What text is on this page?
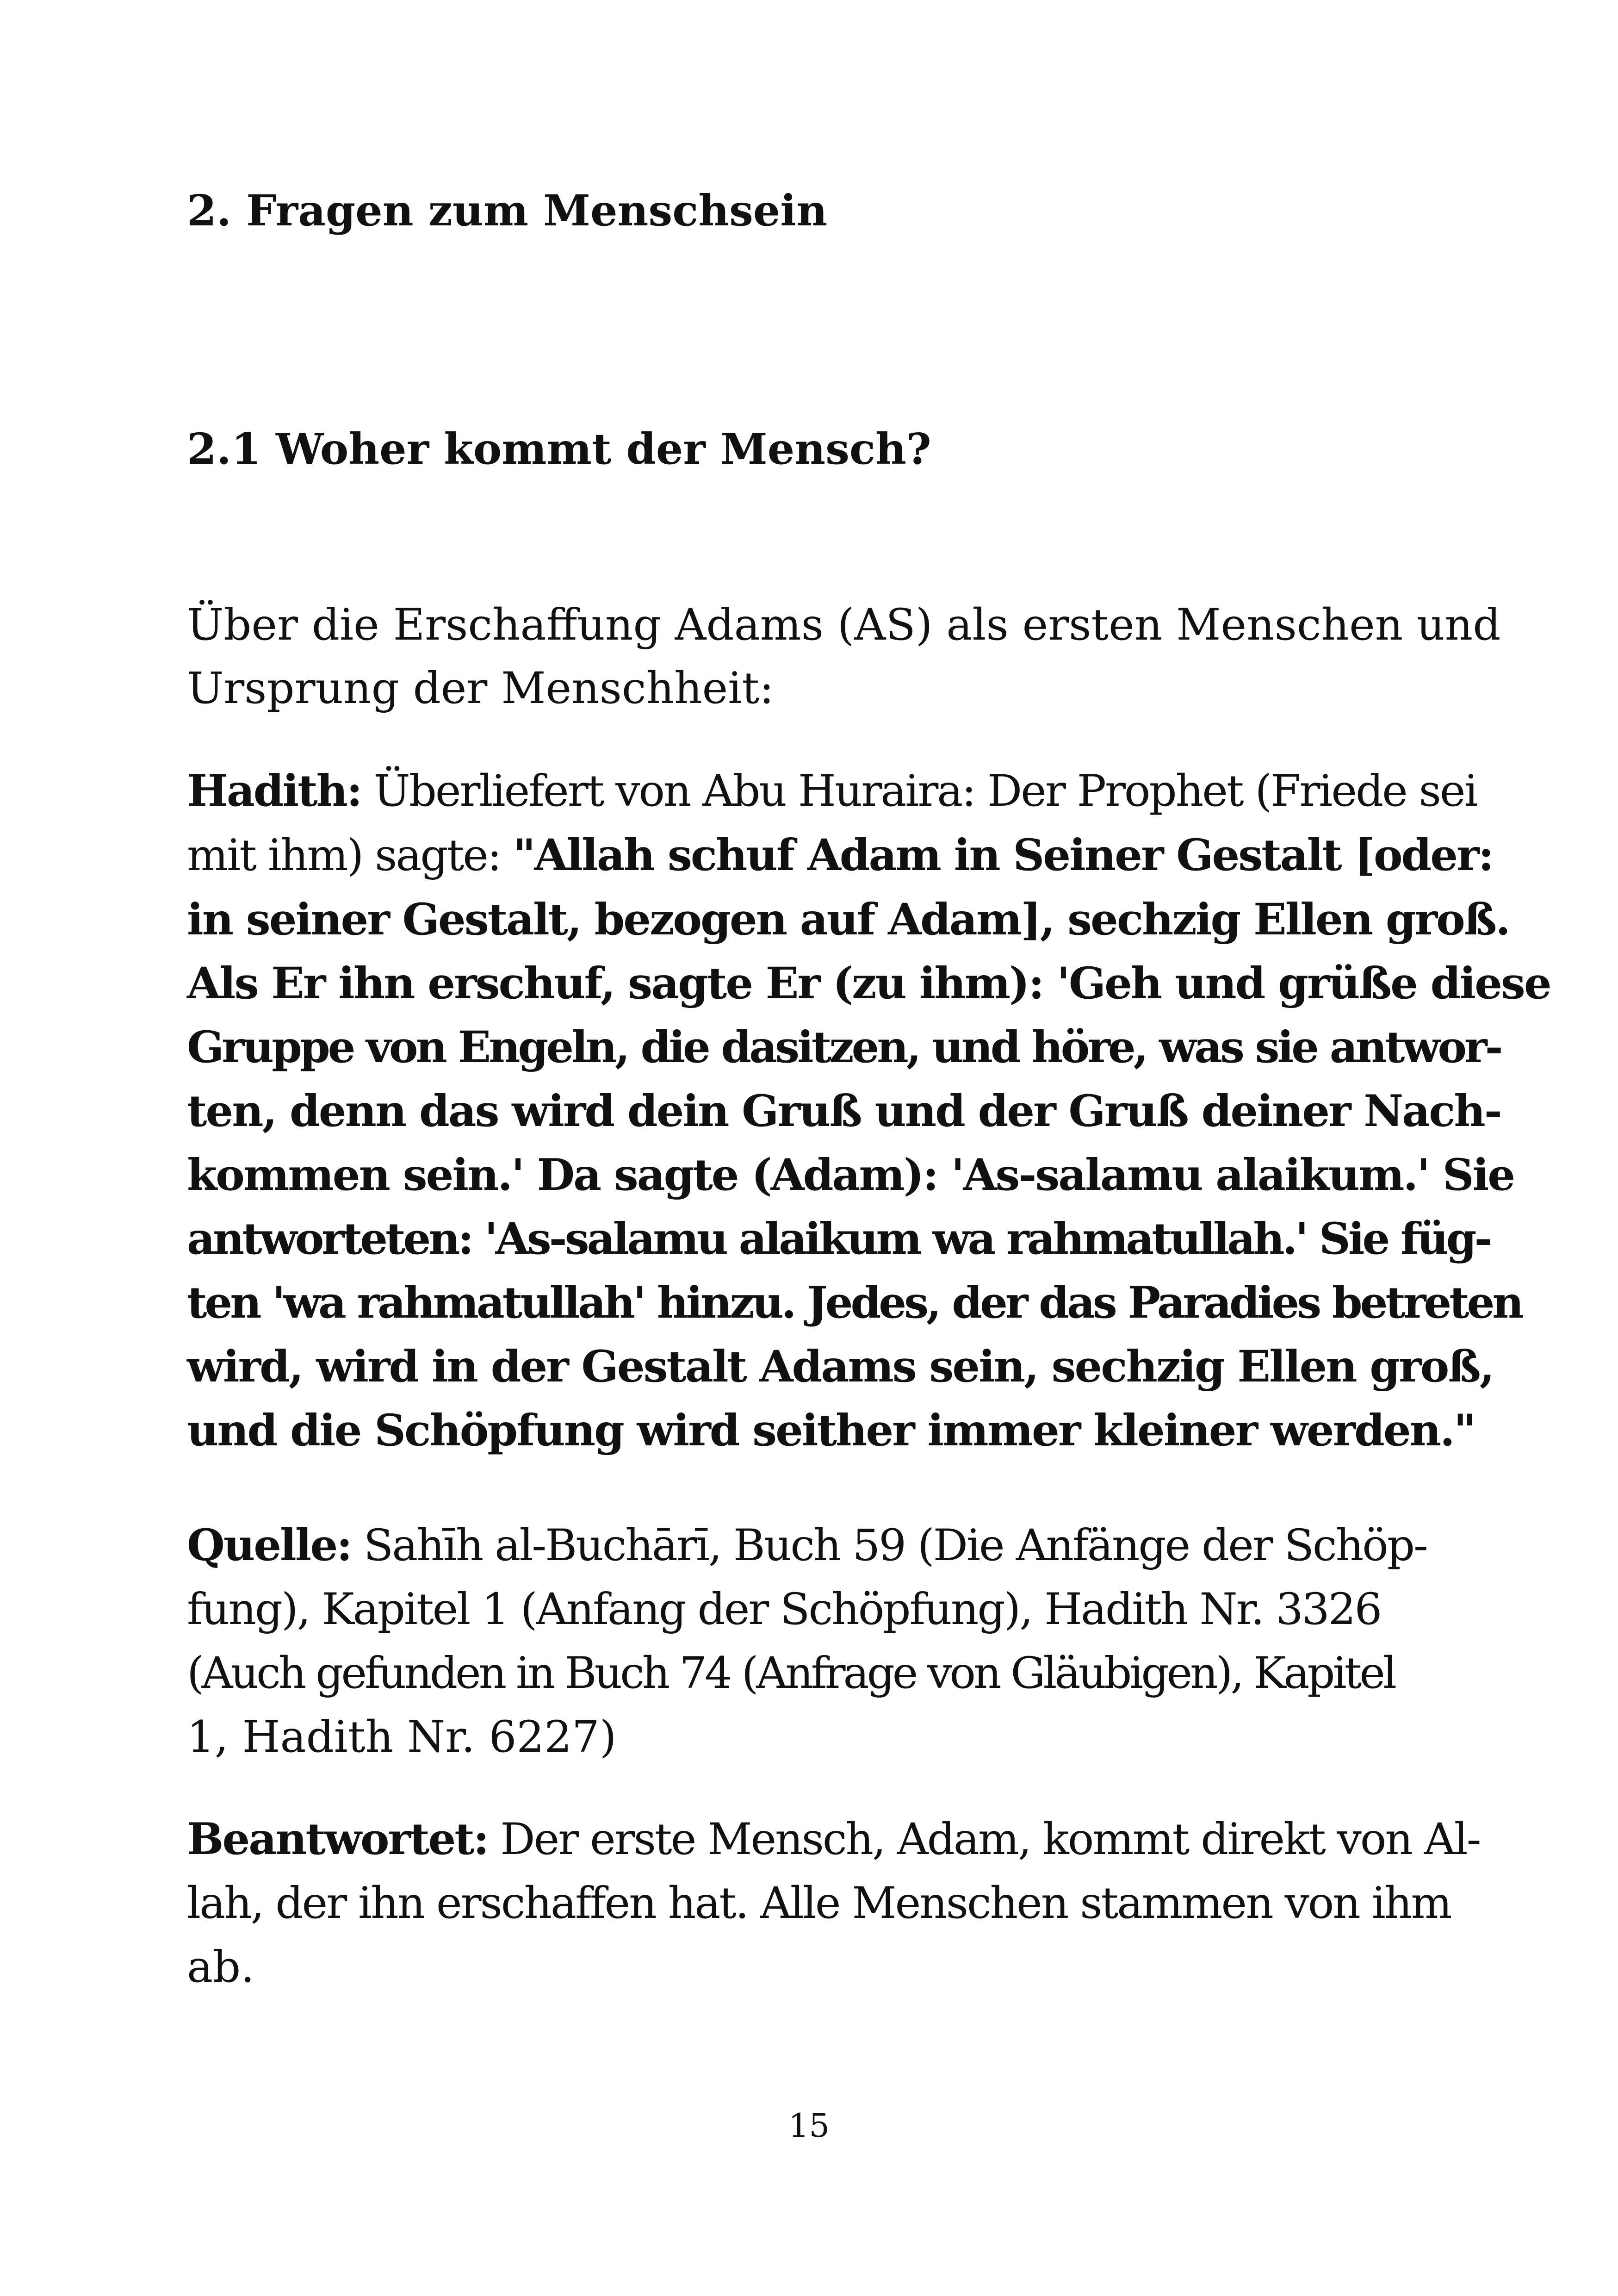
2. Fragen zum Menschsein
2.1 Woher kommt der Mensch?
Über die Erschaffung Adams (AS) als ersten Menschen und
Ursprung der Menschheit:
Hadith: Überliefert von Abu Huraira: Der Prophet (Friede sei
mit ihm) sagte: "Allah schuf Adam in Seiner Gestalt [oder:
in seiner Gestalt, bezogen auf Adam], sechzig Ellen groß.
Als Er ihn erschuf, sagte Er (zu ihm): 'Geh und grüße diese
Gruppe von Engeln, die dasitzen, und höre, was sie antwor-
ten, denn das wird dein Gruß und der Gruß deiner Nach-
kommen sein.' Da sagte (Adam): 'As-salamu alaikum.' Sie
antworteten: 'As-salamu alaikum wa rahmatullah.' Sie füg-
ten 'wa rahmatullah' hinzu. Jedes, der das Paradies betreten
wird, wird in der Gestalt Adams sein, sechzig Ellen groß,
und die Schöpfung wird seither immer kleiner werden."
Quelle: Sahīh al-Buchārī, Buch 59 (Die Anfänge der Schöp-
fung), Kapitel 1 (Anfang der Schöpfung), Hadith Nr. 3326
(Auch gefunden in Buch 74 (Anfrage von Gläubigen), Kapitel
1, Hadith Nr. 6227)
Beantwortet: Der erste Mensch, Adam, kommt direkt von Al-
lah, der ihn erschaffen hat. Alle Menschen stammen von ihm
ab.
15
